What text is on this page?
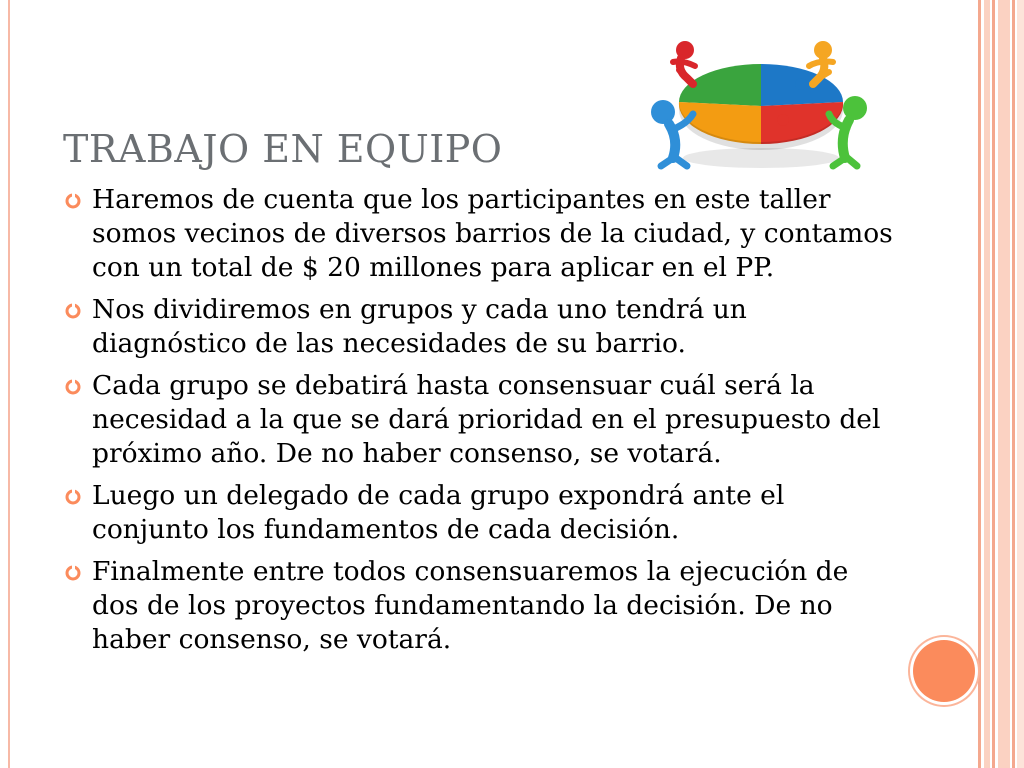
TRABAJO EN EQUIPO
Haremos de cuenta que los participantes en este taller somos vecinos de diversos barrios de la ciudad, y contamos con un total de $ 20 millones para aplicar en el PP.
Nos dividiremos en grupos y cada uno tendrá un diagnóstico de las necesidades de su barrio.
Cada grupo se debatirá hasta consensuar cuál será la necesidad a la que se dará prioridad en el presupuesto del próximo año. De no haber consenso, se votará.
Luego un delegado de cada grupo expondrá ante el conjunto los fundamentos de cada decisión.
Finalmente entre todos consensuaremos la ejecución de dos de los proyectos fundamentando la decisión. De no haber consenso, se votará.
